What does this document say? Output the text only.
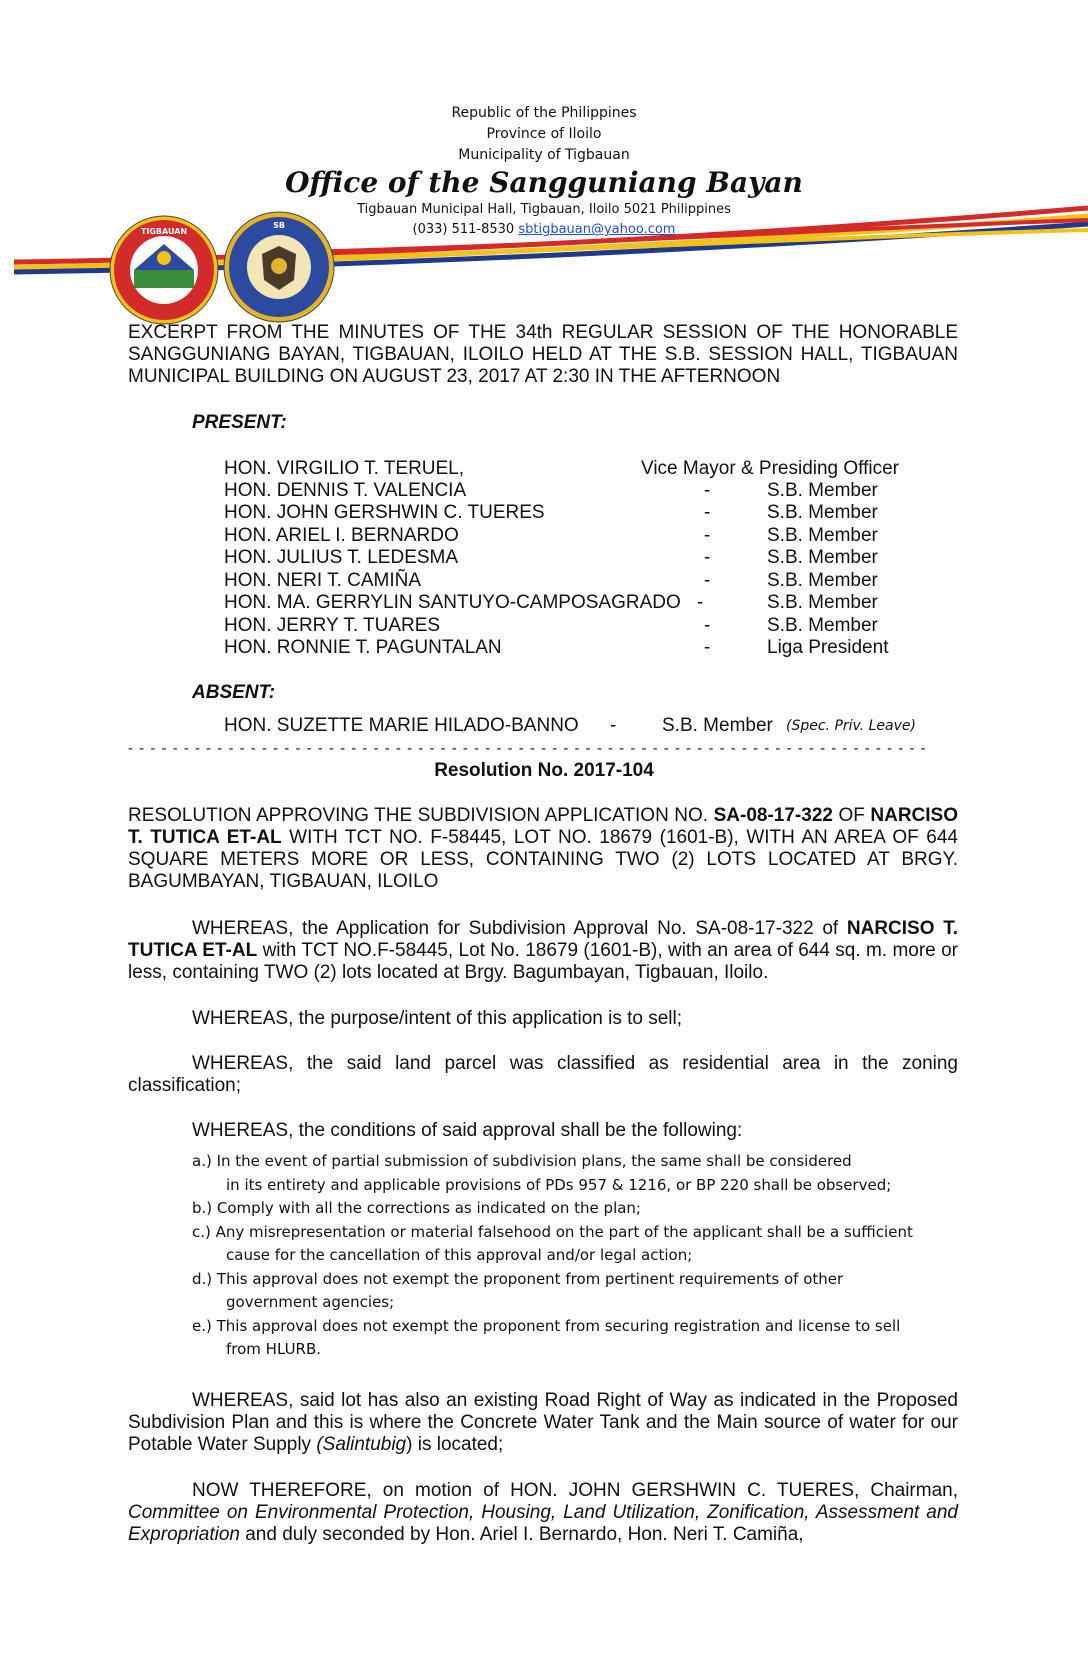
TIGBAUAN
SB
Republic of the Philippines
Province of Iloilo
Municipality of Tigbauan
Office of the Sangguniang Bayan
Tigbauan Municipal Hall, Tigbauan, Iloilo 5021 Philippines
(033) 511-8530 sbtigbauan@yahoo.com
EXCERPT FROM THE MINUTES OF THE 34th REGULAR SESSION OF THE HONORABLE SANGGUNIANG BAYAN, TIGBAUAN, ILOILO HELD AT THE S.B. SESSION HALL, TIGBAUAN MUNICIPAL BUILDING ON AUGUST 23, 2017 AT 2:30 IN THE AFTERNOON
PRESENT:
HON. VIRGILIO T. TERUEL,	Vice Mayor & Presiding Officer
HON. DENNIS T. VALENCIA	-	S.B. Member
HON. JOHN GERSHWIN C. TUERES	-	S.B. Member
HON. ARIEL I. BERNARDO	-	S.B. Member
HON. JULIUS T. LEDESMA	-	S.B. Member
HON. NERI T. CAMIÑA	-	S.B. Member
HON. MA. GERRYLIN SANTUYO-CAMPOSAGRADO -	S.B. Member
HON. JERRY T. TUARES	-	S.B. Member
HON. RONNIE T. PAGUNTALAN	-	Liga President
ABSENT:
HON. SUZETTE MARIE HILADO-BANNO - S.B. Member (Spec. Priv. Leave)
- - - - - - - - - - - - - - - - - - - - - - - - - - - - - - - - - - - - - - - - - - - - - - - - - - - - - - - - - - - - - - - - - - - - - - - -
Resolution No. 2017-104
RESOLUTION APPROVING THE SUBDIVISION APPLICATION NO. SA-08-17-322 OF NARCISO T. TUTICA ET-AL WITH TCT NO. F-58445, LOT NO. 18679 (1601-B), WITH AN AREA OF 644 SQUARE METERS MORE OR LESS, CONTAINING TWO (2) LOTS LOCATED AT BRGY. BAGUMBAYAN, TIGBAUAN, ILOILO
WHEREAS, the Application for Subdivision Approval No. SA-08-17-322 of NARCISO T. TUTICA ET-AL with TCT NO.F-58445, Lot No. 18679 (1601-B), with an area of 644 sq. m. more or less, containing TWO (2) lots located at Brgy. Bagumbayan, Tigbauan, Iloilo.
WHEREAS, the purpose/intent of this application is to sell;
WHEREAS, the said land parcel was classified as residential area in the zoning classification;
WHEREAS, the conditions of said approval shall be the following:
a.) In the event of partial submission of subdivision plans, the same shall be considered
in its entirety and applicable provisions of PDs 957 & 1216, or BP 220 shall be observed;
b.) Comply with all the corrections as indicated on the plan;
c.) Any misrepresentation or material falsehood on the part of the applicant shall be a sufficient
cause for the cancellation of this approval and/or legal action;
d.) This approval does not exempt the proponent from pertinent requirements of other
government agencies;
e.) This approval does not exempt the proponent from securing registration and license to sell
from HLURB.
WHEREAS, said lot has also an existing Road Right of Way as indicated in the Proposed Subdivision Plan and this is where the Concrete Water Tank and the Main source of water for our Potable Water Supply (Salintubig) is located;
NOW THEREFORE, on motion of HON. JOHN GERSHWIN C. TUERES, Chairman, Committee on Environmental Protection, Housing, Land Utilization, Zonification, Assessment and Expropriation and duly seconded by Hon. Ariel I. Bernardo, Hon. Neri T. Camiña,
